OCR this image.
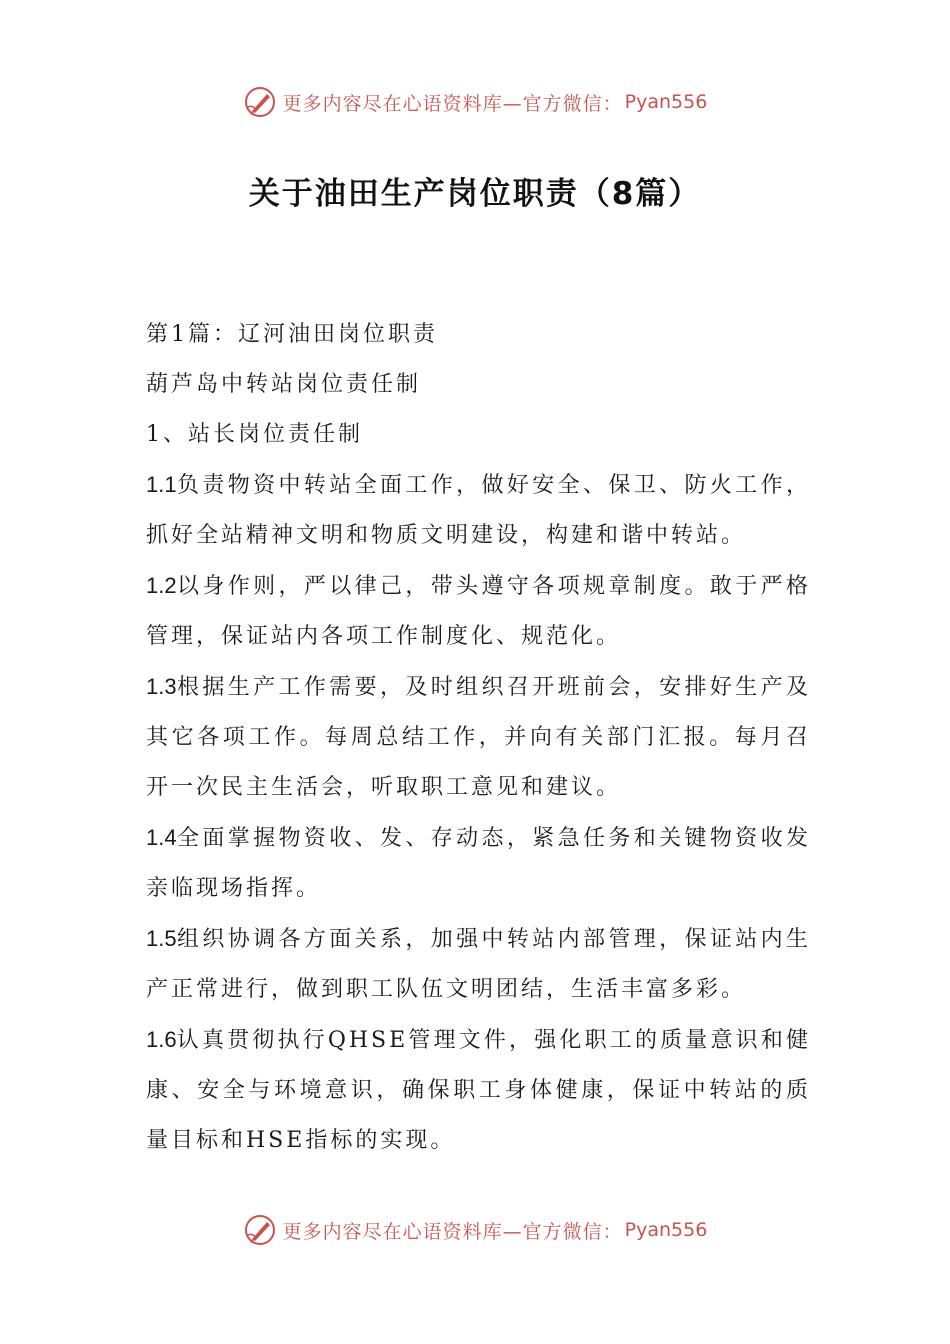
更多内容尽在心语资料库—官方微信： Pyan556
关于油田生产岗位职责（8篇）

第1篇：辽河油田岗位职责

葫芦岛中转站岗位责任制

1、站长岗位责任制

1.1负责物资中转站全面工作，做好安全、保卫、防火工作，抓好全站精神文明和物质文明建设，构建和谐中转站。

1.2以身作则，严以律己，带头遵守各项规章制度。敢于严格管理，保证站内各项工作制度化、规范化。

1.3根据生产工作需要，及时组织召开班前会，安排好生产及其它各项工作。每周总结工作，并向有关部门汇报。每月召开一次民主生活会，听取职工意见和建议。

1.4全面掌握物资收、发、存动态，紧急任务和关键物资收发亲临现场指挥。

1.5组织协调各方面关系，加强中转站内部管理，保证站内生产正常进行，做到职工队伍文明团结，生活丰富多彩。

1.6认真贯彻执行QHSE管理文件，强化职工的质量意识和健康、安全与环境意识，确保职工身体健康，保证中转站的质量目标和HSE指标的实现。

更多内容尽在心语资料库—官方微信： Pyan556
